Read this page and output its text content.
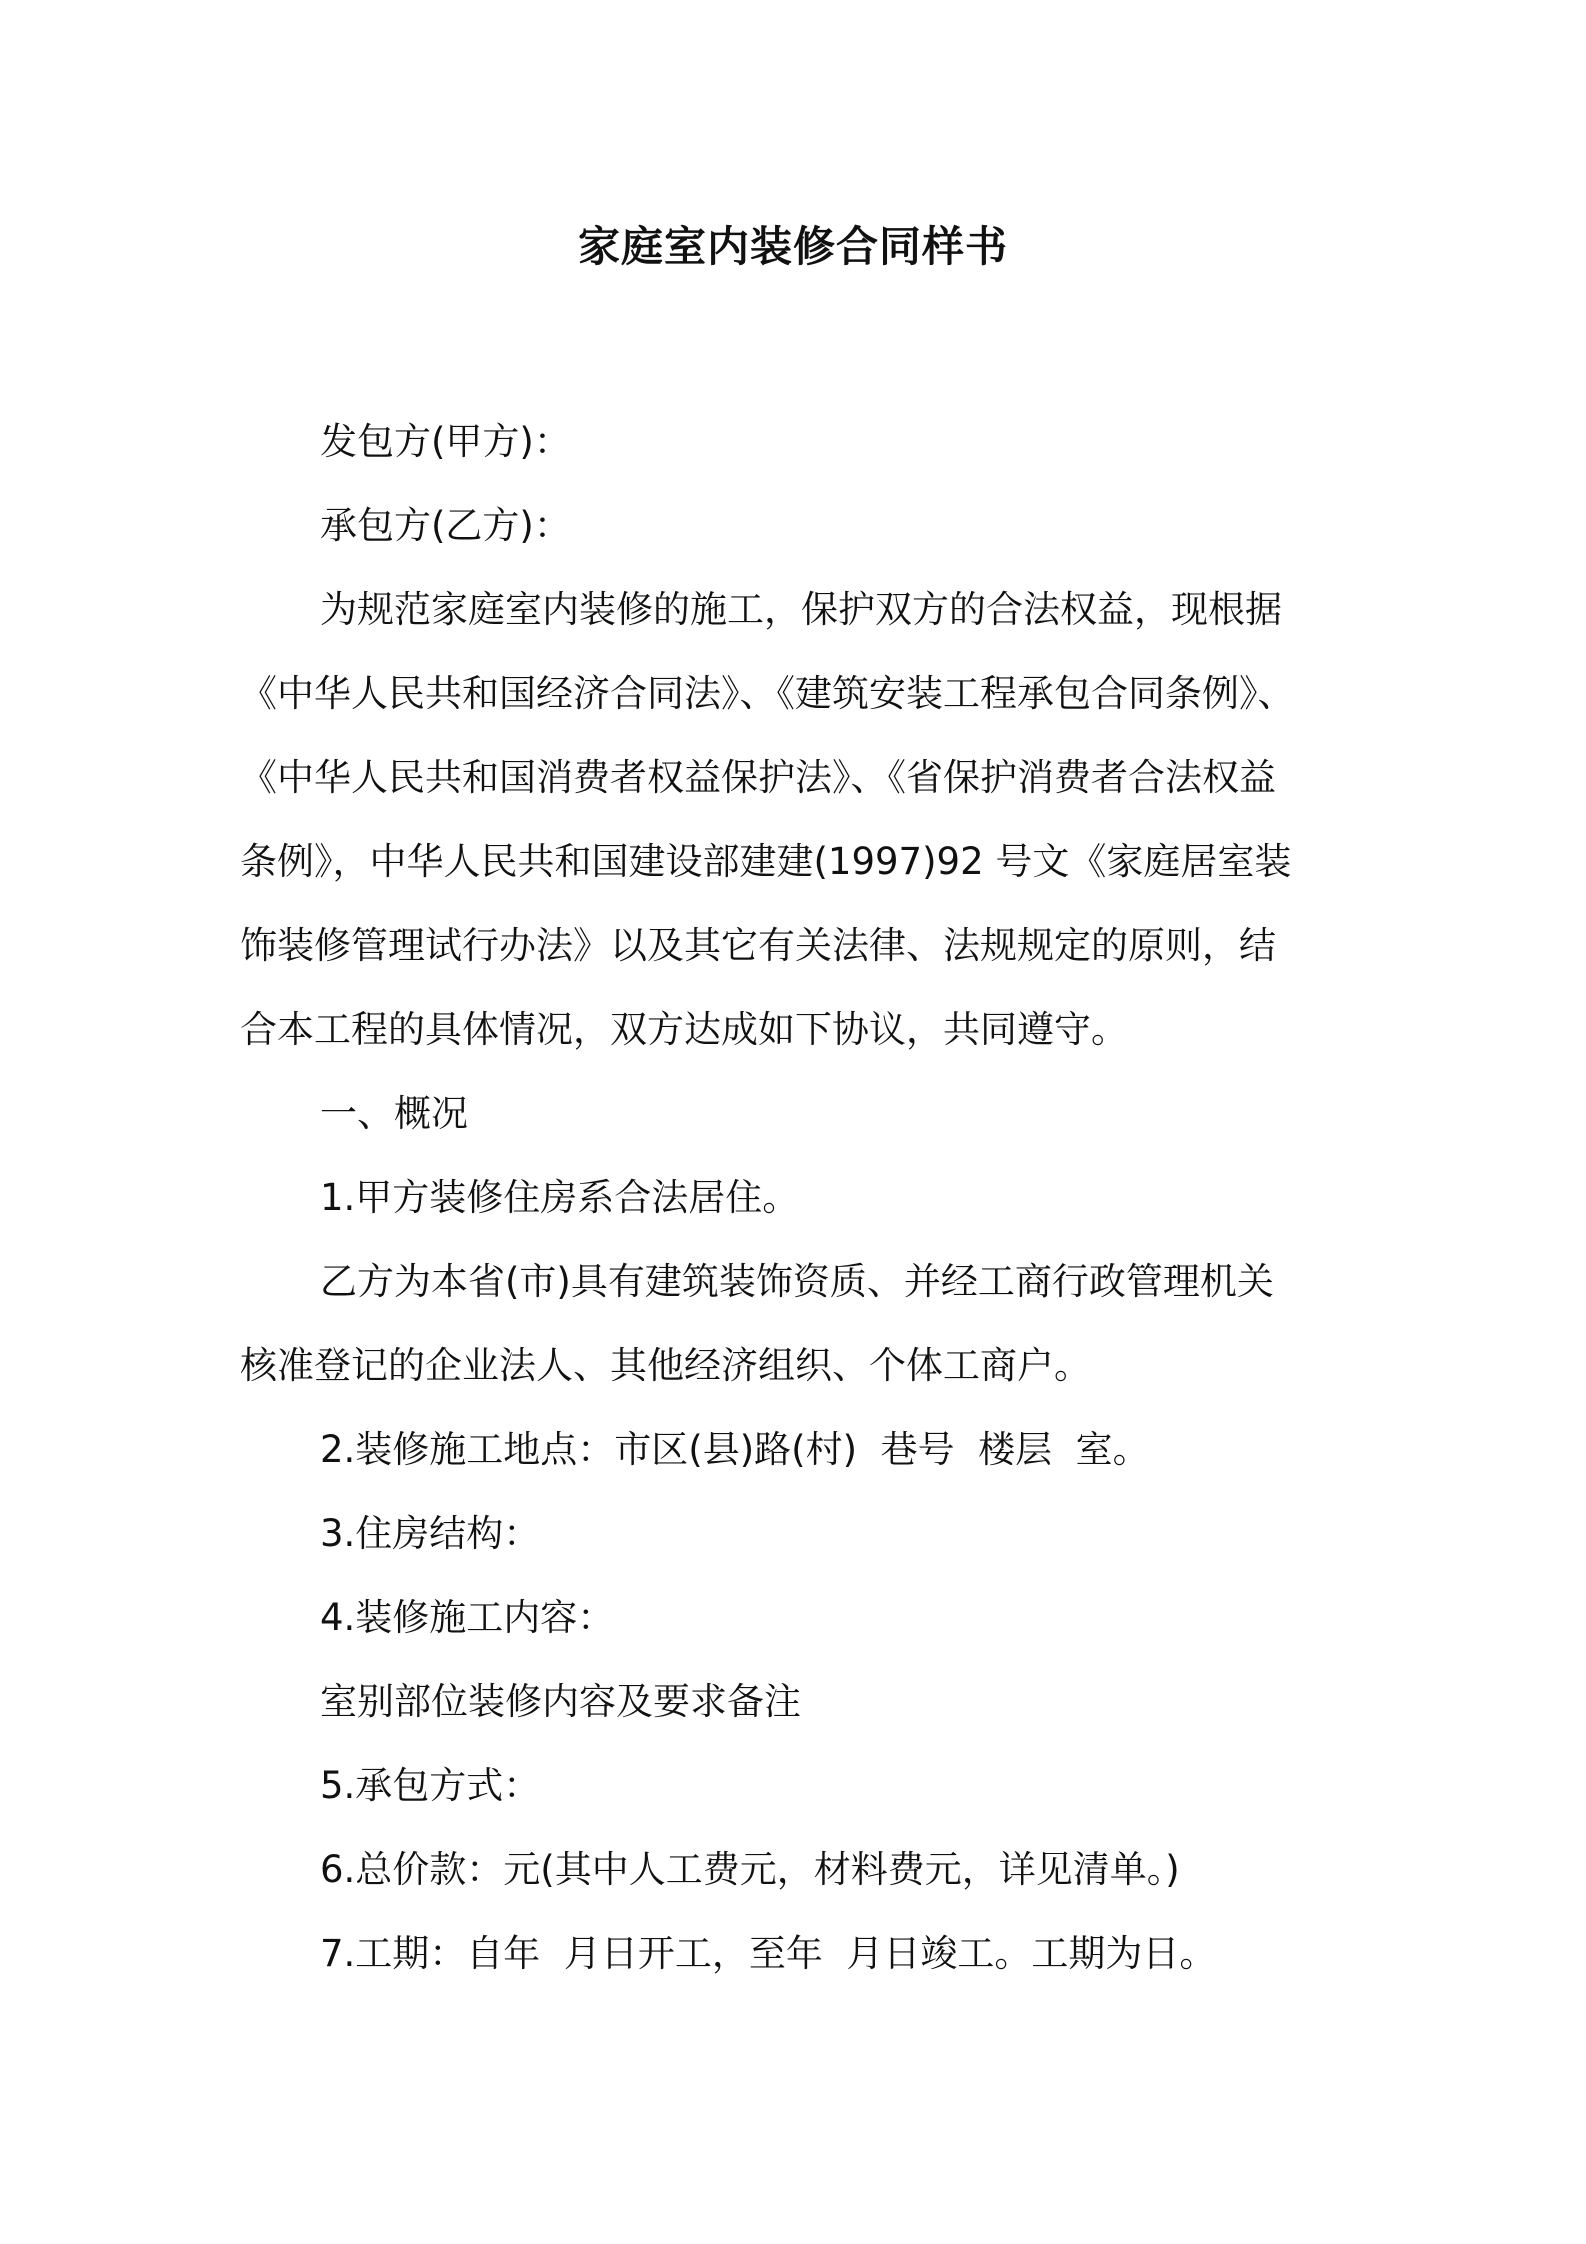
家庭室内装修合同样书

发包方(甲方)：

承包方(乙方)：

为规范家庭室内装修的施工，保护双方的合法权益，现根据

《中华人民共和国经济合同法》、《建筑安装工程承包合同条例》、

《中华人民共和国消费者权益保护法》、《省保护消费者合法权益

条例》，中华人民共和国建设部建建(1997)92 号文《家庭居室装

饰装修管理试行办法》以及其它有关法律、法规规定的原则，结

合本工程的具体情况，双方达成如下协议，共同遵守。

一、概况

1.甲方装修住房系合法居住。

乙方为本省(市)具有建筑装饰资质、并经工商行政管理机关

核准登记的企业法人、其他经济组织、个体工商户。

2.装修施工地点：市区(县)路(村)  巷号  楼层  室。

3.住房结构：

4.装修施工内容：

室别部位装修内容及要求备注

5.承包方式：

6.总价款：元(其中人工费元，材料费元，详见清单。)

7.工期：自年  月日开工，至年  月日竣工。工期为日。
